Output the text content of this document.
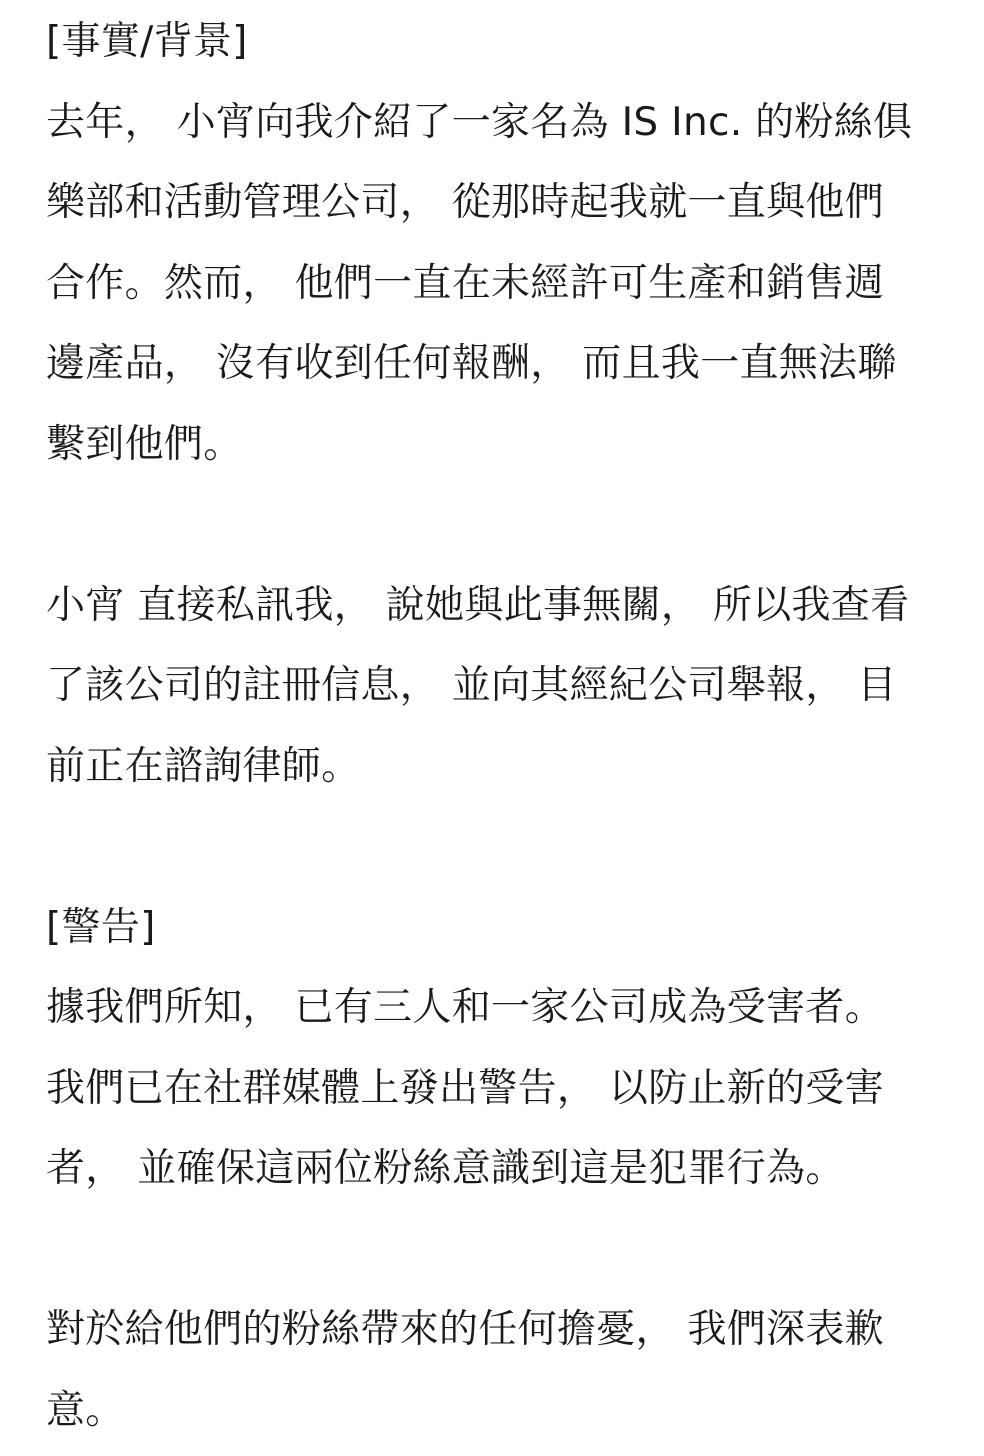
[事實/背景]
去年， 小宵向我介紹了一家名為 IS Inc. 的粉絲俱
樂部和活動管理公司， 從那時起我就一直與他們
合作。然而， 他們一直在未經許可生產和銷售週
邊產品， 沒有收到任何報酬， 而且我一直無法聯
繫到他們。
小宵 直接私訊我， 說她與此事無關， 所以我查看
了該公司的註冊信息， 並向其經紀公司舉報， 目
前正在諮詢律師。
[警告]
據我們所知， 已有三人和一家公司成為受害者。
我們已在社群媒體上發出警告， 以防止新的受害
者， 並確保這兩位粉絲意識到這是犯罪行為。
對於給他們的粉絲帶來的任何擔憂， 我們深表歉
意。
